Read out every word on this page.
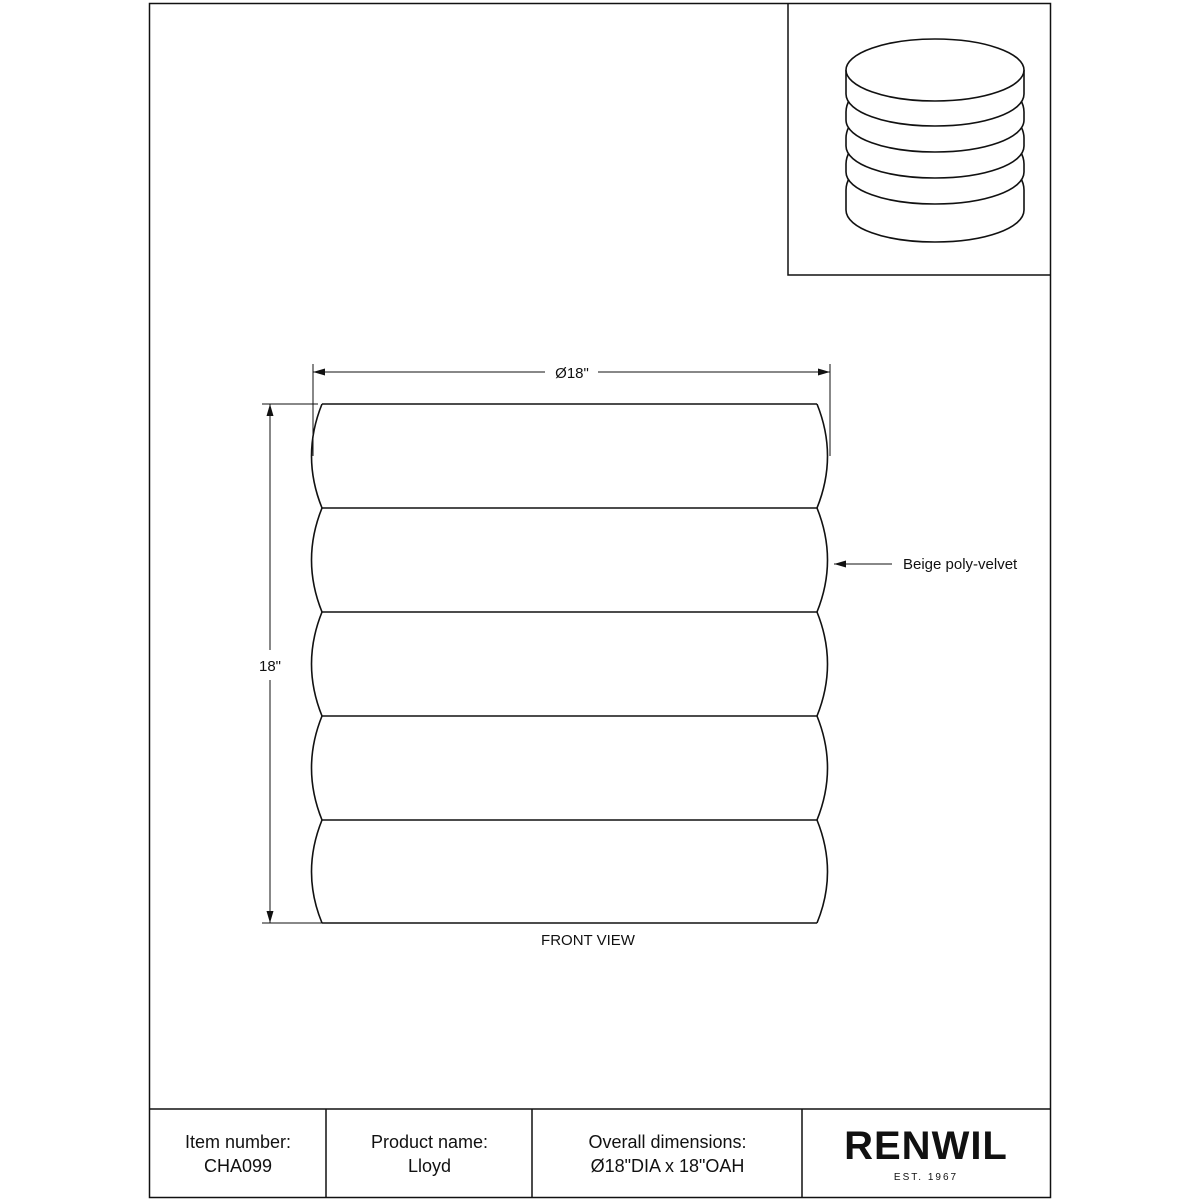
Ø18"
18"
Beige poly-velvet
FRONT VIEW
Item number:
CHA099
Product name:
Lloyd
Overall dimensions:
Ø18"DIA x 18"OAH RENWIL
EST. 1967
